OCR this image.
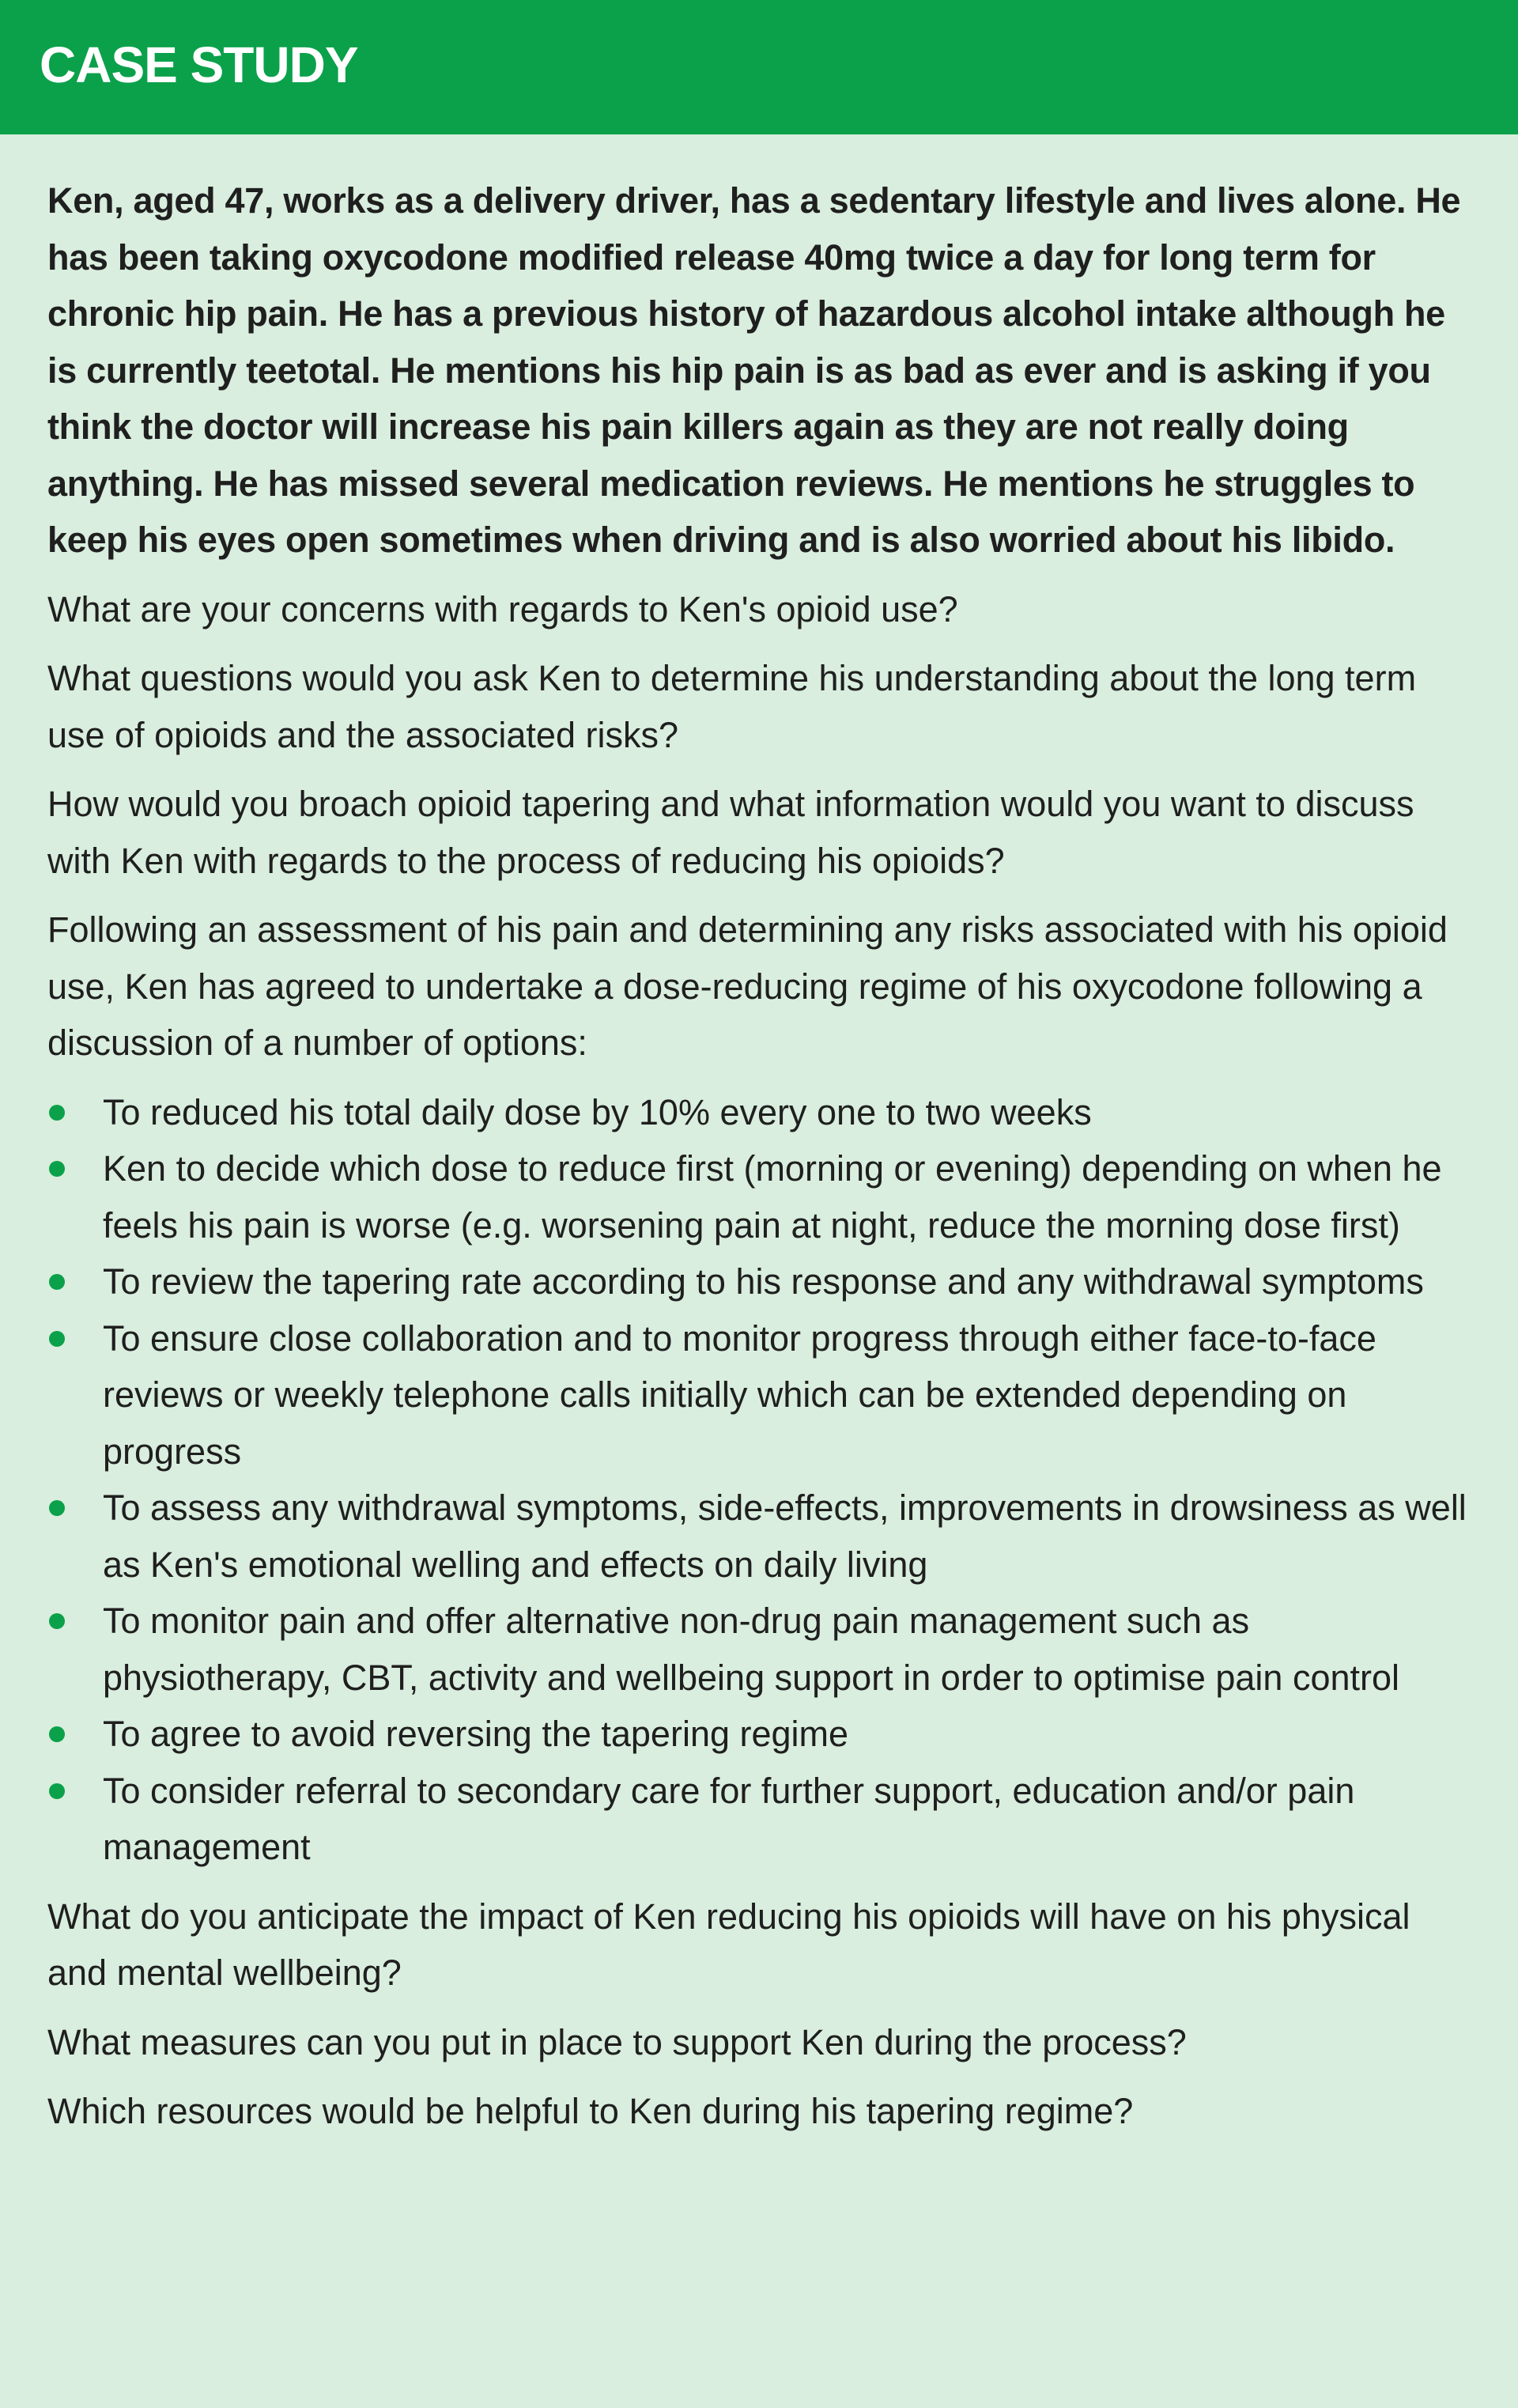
CASE STUDY

Ken, aged 47, works as a delivery driver, has a sedentary lifestyle and lives alone. He has been taking oxycodone modified release 40mg twice a day for long term for chronic hip pain. He has a previous history of hazardous alcohol intake although he is currently teetotal. He mentions his hip pain is as bad as ever and is asking if you think the doctor will increase his pain killers again as they are not really doing anything. He has missed several medication reviews. He mentions he struggles to keep his eyes open sometimes when driving and is also worried about his libido.

What are your concerns with regards to Ken's opioid use?

What questions would you ask Ken to determine his understanding about the long term use of opioids and the associated risks?

How would you broach opioid tapering and what information would you want to discuss with Ken with regards to the process of reducing his opioids?

Following an assessment of his pain and determining any risks associated with his opioid use, Ken has agreed to undertake a dose-reducing regime of his oxycodone following a discussion of a number of options:

To reduced his total daily dose by 10% every one to two weeks
Ken to decide which dose to reduce first (morning or evening) depending on when he feels his pain is worse (e.g. worsening pain at night, reduce the morning dose first)
To review the tapering rate according to his response and any withdrawal symptoms
To ensure close collaboration and to monitor progress through either face-to-face reviews or weekly telephone calls initially which can be extended depending on progress
To assess any withdrawal symptoms, side-effects, improvements in drowsiness as well as Ken's emotional welling and effects on daily living
To monitor pain and offer alternative non-drug pain management such as physiotherapy, CBT, activity and wellbeing support in order to optimise pain control
To agree to avoid reversing the tapering regime
To consider referral to secondary care for further support, education and/or pain management

What do you anticipate the impact of Ken reducing his opioids will have on his physical and mental wellbeing?

What measures can you put in place to support Ken during the process?

Which resources would be helpful to Ken during his tapering regime?
